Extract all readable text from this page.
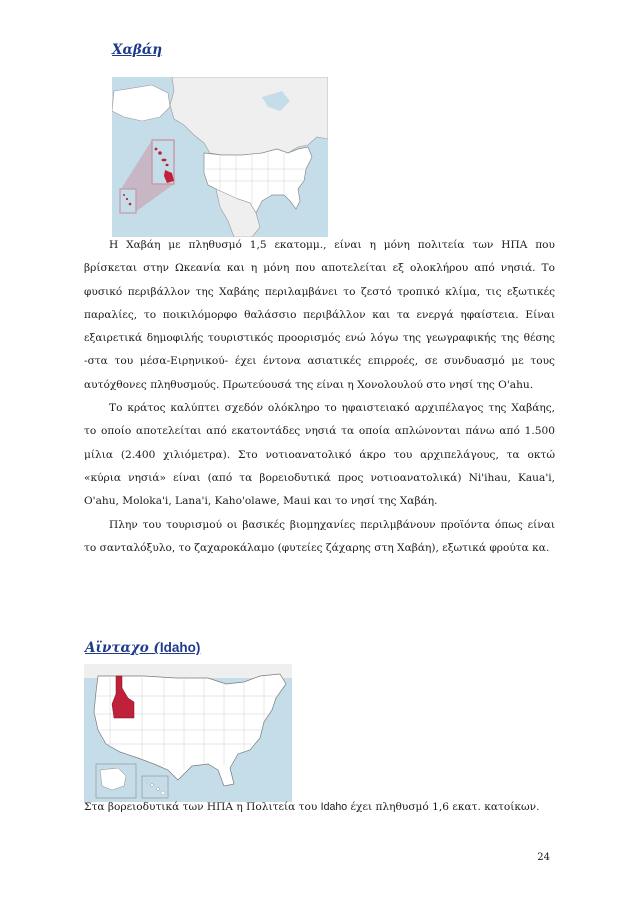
Χαβάη

Η Χαβάη με πληθυσμό 1,5 εκατομμ., είναι η μόνη πολιτεία των ΗΠΑ που βρίσκεται στην Ωκεανία και η μόνη που αποτελείται εξ ολοκλήρου από νησιά. Το φυσικό περιβάλλον της Χαβάης περιλαμβάνει το ζεστό τροπικό κλίμα, τις εξωτικές παραλίες, το ποικιλόμορφο θαλάσσιο περιβάλλον και τα ενεργά ηφαίστεια. Είναι εξαιρετικά δημοφιλής τουριστικός προορισμός ενώ λόγω της γεωγραφικής της θέσης -στα του μέσα-Ειρηνικού- έχει έντονα ασιατικές επιρροές, σε συνδυασμό με τους αυτόχθονες πληθυσμούς. Πρωτεύουσά της είναι η Χονολουλού στο νησί της O'ahu.

Το κράτος καλύπτει σχεδόν ολόκληρο το ηφαιστειακό αρχιπέλαγος της Χαβάης, το οποίο αποτελείται από εκατοντάδες νησιά τα οποία απλώνονται πάνω από 1.500 μίλια (2.400 χιλιόμετρα). Στο νοτιοανατολικό άκρο του αρχιπελάγους, τα οκτώ «κύρια νησιά» είναι (από τα βορειοδυτικά προς νοτιοανατολικά) Ni'ihau, Kaua'i, O'ahu, Moloka'i, Lana'i, Kaho'olawe, Maui και το νησί της Χαβάη.

Πλην του τουρισμού οι βασικές βιομηχανίες περιλμβάνουν προϊόντα όπως είναι το σανταλόξυλο, το ζαχαροκάλαμο (φυτείες ζάχαρης στη Χαβάη), εξωτικά φρούτα κα.

Αϊνταχο (Idaho)

Στα βορειοδυτικά των ΗΠΑ η Πολιτεία του Idaho έχει πληθυσμό 1,6 εκατ. κατοίκων.

24
